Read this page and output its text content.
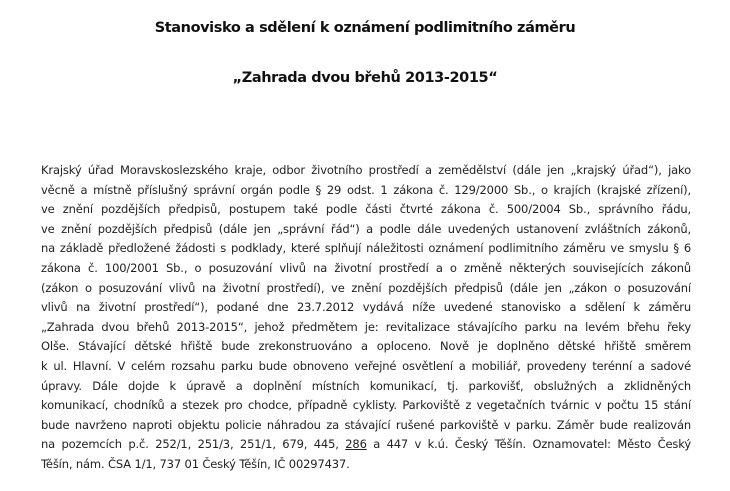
Stanovisko a sdělení k oznámení podlimitního záměru
„Zahrada dvou břehů 2013-2015“
Krajský úřad Moravskoslezského kraje, odbor životního prostředí a zemědělství (dále jen „krajský úřad“), jako
věcně a místně příslušný správní orgán podle § 29 odst. 1 zákona č. 129/2000 Sb., o krajích (krajské zřízení),
ve znění pozdějších předpisů, postupem také podle části čtvrté zákona č. 500/2004 Sb., správního řádu,
ve znění pozdějších předpisů (dále jen „správní řád“) a podle dále uvedených ustanovení zvláštních zákonů,
na základě předložené žádosti s podklady, které splňují náležitosti oznámení podlimitního záměru ve smyslu § 6
zákona č. 100/2001 Sb., o posuzování vlivů na životní prostředí a o změně některých souvisejících zákonů
(zákon o posuzování vlivů na životní prostředí), ve znění pozdějších předpisů (dále jen „zákon o posuzování
vlivů na životní prostředí“), podané dne 23.7.2012 vydává níže uvedené stanovisko a sdělení k záměru
„Zahrada dvou břehů 2013-2015“, jehož předmětem je: revitalizace stávajícího parku na levém břehu řeky
Olše. Stávající dětské hřiště bude zrekonstruováno a oploceno. Nově je doplněno dětské hřiště směrem
k ul. Hlavní. V celém rozsahu parku bude obnoveno veřejné osvětlení a mobiliář, provedeny terénní a sadové
úpravy. Dále dojde k úpravě a doplnění místních komunikací, tj. parkovišť, obslužných a zklidněných
komunikací, chodníků a stezek pro chodce, případně cyklisty. Parkoviště z vegetačních tvárnic v počtu 15 stání
bude navrženo naproti objektu policie náhradou za stávající rušené parkoviště v parku. Záměr bude realizován
na pozemcích p.č. 252/1, 251/3, 251/1, 679, 445, 286 a 447 v k.ú. Český Těšín. Oznamovatel: Město Český
Těšín, nám. ČSA 1/1, 737 01 Český Těšín, IČ 00297437.
